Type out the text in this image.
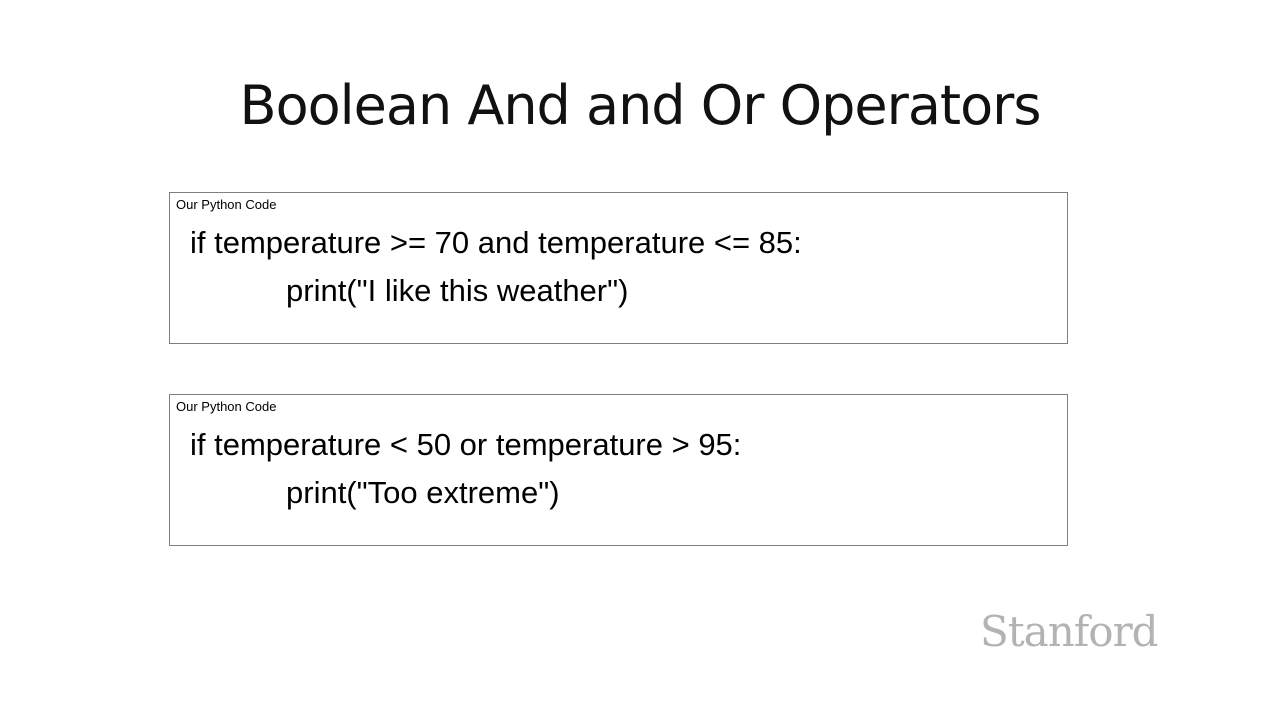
Boolean And and Or Operators
Our Python Code
if temperature >= 70 and temperature <= 85:
print("I like this weather")
Our Python Code
if temperature < 50 or temperature > 95:
print("Too extreme")
Stanford
